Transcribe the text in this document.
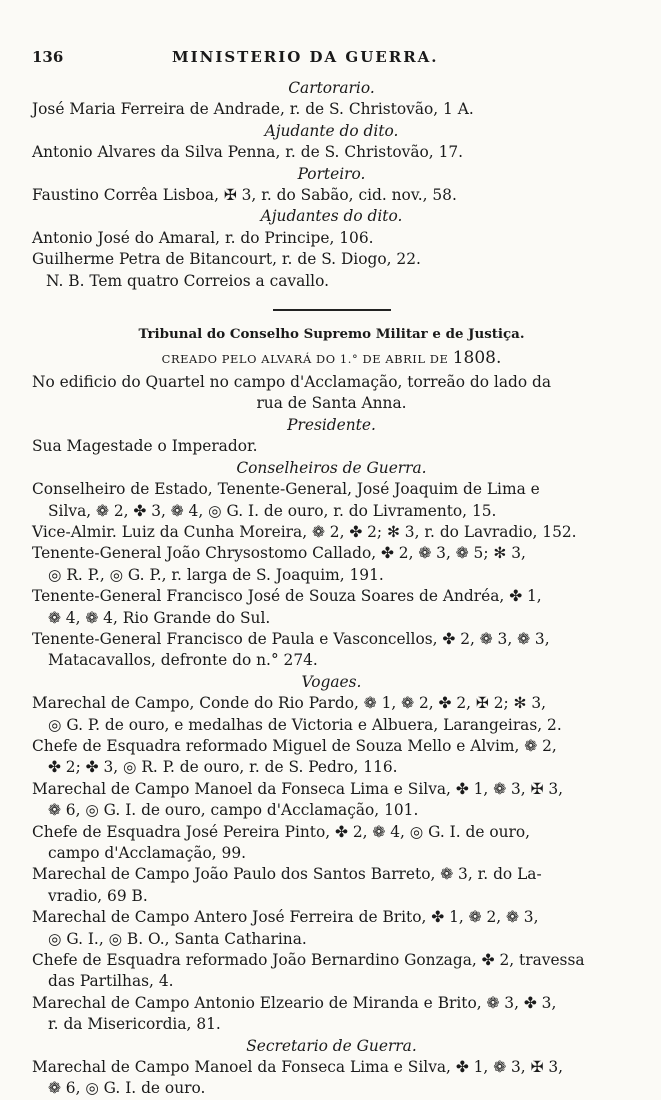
136	MINISTERIO DA GUERRA.
Cartorario.
José Maria Ferreira de Andrade, r. de S. Christovão, 1 A.
Ajudante do dito.
Antonio Alvares da Silva Penna, r. de S. Christovão, 17.
Porteiro.
Faustino Corrêa Lisboa, ✠ 3, r. do Sabão, cid. nov., 58.
Ajudantes do dito.
Antonio José do Amaral, r. do Principe, 106.
Guilherme Petra de Bitancourt, r. de S. Diogo, 22.
N. B. Tem quatro Correios a cavallo.
Tribunal do Conselho Supremo Militar e de Justiça.
CREADO PELO ALVARÁ DO 1.° DE ABRIL DE 1808.
No edificio do Quartel no campo d'Acclamação, torreão do lado da
rua de Santa Anna.
Presidente.
Sua Magestade o Imperador.
Conselheiros de Guerra.
Conselheiro de Estado, Tenente-General, José Joaquim de Lima e
Silva, ❁ 2, ✤ 3, ❁ 4, ◎ G. I. de ouro, r. do Livramento, 15.
Vice-Almir. Luiz da Cunha Moreira, ❁ 2, ✤ 2; ✻ 3, r. do Lavradio, 152.
Tenente-General João Chrysostomo Callado, ✤ 2, ❁ 3, ❁ 5; ✻ 3,
◎ R. P., ◎ G. P., r. larga de S. Joaquim, 191.
Tenente-General Francisco José de Souza Soares de Andréa, ✤ 1,
❁ 4, ❁ 4, Rio Grande do Sul.
Tenente-General Francisco de Paula e Vasconcellos, ✤ 2, ❁ 3, ❁ 3,
Matacavallos, defronte do n.° 274.
Vogaes.
Marechal de Campo, Conde do Rio Pardo, ❁ 1, ❁ 2, ✤ 2, ✠ 2; ✻ 3,
◎ G. P. de ouro, e medalhas de Victoria e Albuera, Larangeiras, 2.
Chefe de Esquadra reformado Miguel de Souza Mello e Alvim, ❁ 2,
✤ 2; ✤ 3, ◎ R. P. de ouro, r. de S. Pedro, 116.
Marechal de Campo Manoel da Fonseca Lima e Silva, ✤ 1, ❁ 3, ✠ 3,
❁ 6, ◎ G. I. de ouro, campo d'Acclamação, 101.
Chefe de Esquadra José Pereira Pinto, ✤ 2, ❁ 4, ◎ G. I. de ouro,
campo d'Acclamação, 99.
Marechal de Campo João Paulo dos Santos Barreto, ❁ 3, r. do La-
vradio, 69 B.
Marechal de Campo Antero José Ferreira de Brito, ✤ 1, ❁ 2, ❁ 3,
◎ G. I., ◎ B. O., Santa Catharina.
Chefe de Esquadra reformado João Bernardino Gonzaga, ✤ 2, travessa
das Partilhas, 4.
Marechal de Campo Antonio Elzeario de Miranda e Brito, ❁ 3, ✤ 3,
r. da Misericordia, 81.
Secretario de Guerra.
Marechal de Campo Manoel da Fonseca Lima e Silva, ✤ 1, ❁ 3, ✠ 3,
❁ 6, ◎ G. I. de ouro.
